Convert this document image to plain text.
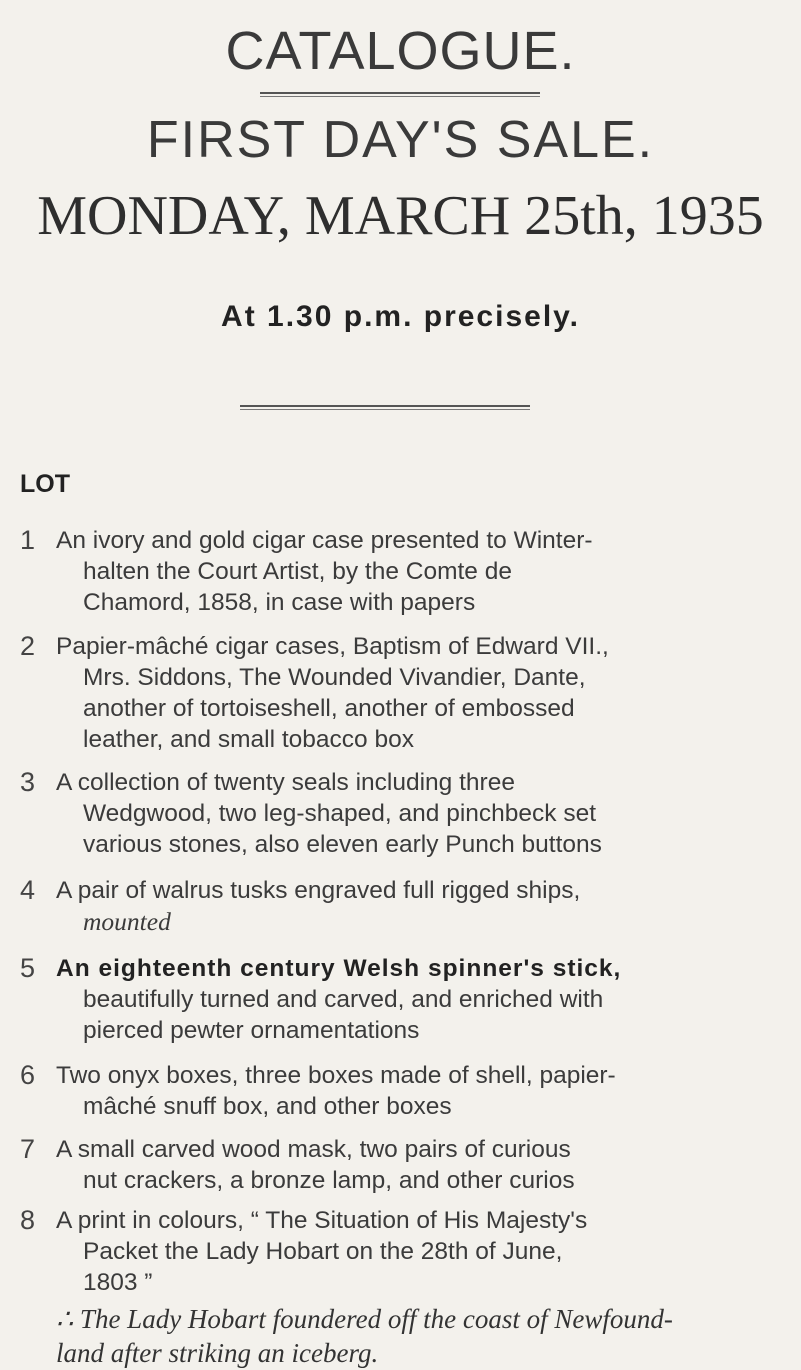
CATALOGUE.
FIRST DAY'S SALE.
MONDAY, MARCH 25th, 1935
At 1.30 p.m. precisely.
LOT
1 An ivory and gold cigar case presented to Winter-
halten the Court Artist, by the Comte de
Chamord, 1858, in case with papers
2 Papier-mâché cigar cases, Baptism of Edward VII.,
Mrs. Siddons, The Wounded Vivandier, Dante,
another of tortoiseshell, another of embossed
leather, and small tobacco box
3 A collection of twenty seals including three
Wedgwood, two leg-shaped, and pinchbeck set
various stones, also eleven early Punch buttons
4 A pair of walrus tusks engraved full rigged ships,
mounted
5 An eighteenth century Welsh spinner's stick,
beautifully turned and carved, and enriched with
pierced pewter ornamentations
6 Two onyx boxes, three boxes made of shell, papier-
mâché snuff box, and other boxes
7 A small carved wood mask, two pairs of curious
nut crackers, a bronze lamp, and other curios
8 A print in colours, “ The Situation of His Majesty's
Packet the Lady Hobart on the 28th of June,
1803 ”
∴ The Lady Hobart foundered off the coast of Newfound-
land after striking an iceberg.
